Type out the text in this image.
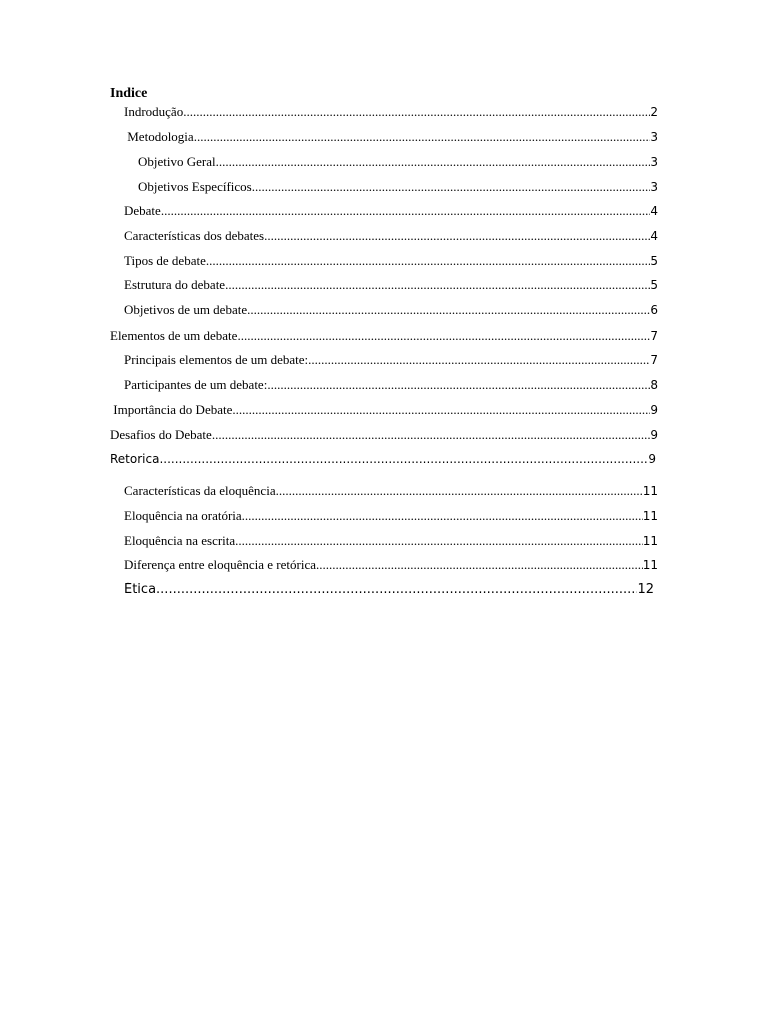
Indice
Indrodução .....	2
Metodologia .....	3
Objetivo Geral .....	3
Objetivos Específicos .....	3
Debate .....	4
Características dos debates .....	4
Tipos de debate .....	5
Estrutura do debate .....	5
Objetivos de um debate .....	6
Elementos de um debate .....	7
Principais elementos de um debate: .....	7
Participantes de um debate: .....	8
Importância do Debate .....	9
Desafios do Debate .....	9
Retorica .....	9
Características da eloquência .....	11
Eloquência na oratória .....	11
Eloquência na escrita .....	11
Diferença entre eloquência e retórica .....	11
Ética .....	12
